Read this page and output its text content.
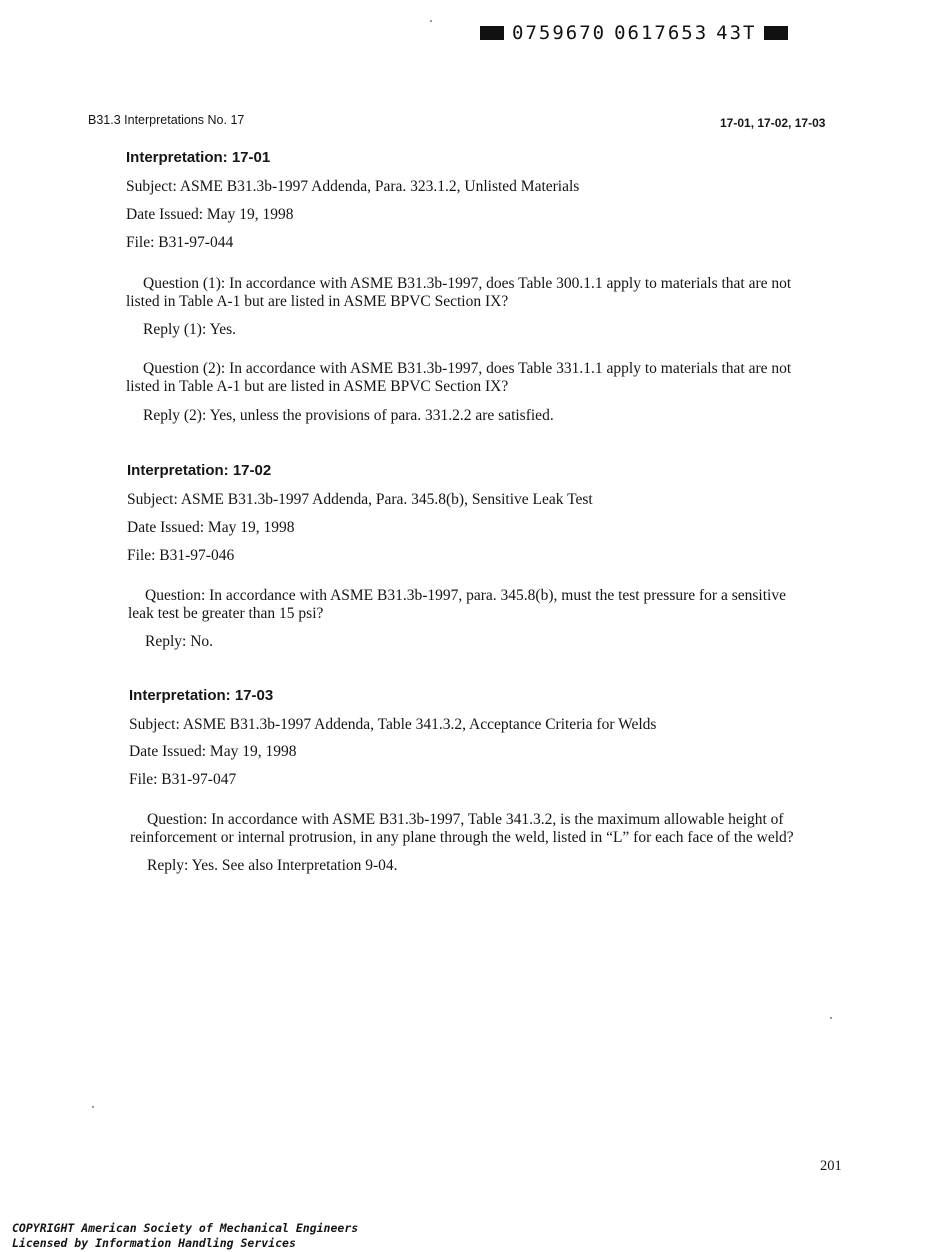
0759670 0617653 43T
B31.3 Interpretations No. 17	17-01, 17-02, 17-03
Interpretation: 17-01
Subject: ASME B31.3b-1997 Addenda, Para. 323.1.2, Unlisted Materials
Date Issued: May 19, 1998
File: B31-97-044

Question (1): In accordance with ASME B31.3b-1997, does Table 300.1.1 apply to materials that are not listed in Table A-1 but are listed in ASME BPVC Section IX?

Reply (1): Yes.

Question (2): In accordance with ASME B31.3b-1997, does Table 331.1.1 apply to materials that are not listed in Table A-1 but are listed in ASME BPVC Section IX?

Reply (2): Yes, unless the provisions of para. 331.2.2 are satisfied.
Interpretation: 17-02
Subject: ASME B31.3b-1997 Addenda, Para. 345.8(b), Sensitive Leak Test
Date Issued: May 19, 1998
File: B31-97-046

Question: In accordance with ASME B31.3b-1997, para. 345.8(b), must the test pressure for a sensitive leak test be greater than 15 psi?

Reply: No.
Interpretation: 17-03
Subject: ASME B31.3b-1997 Addenda, Table 341.3.2, Acceptance Criteria for Welds
Date Issued: May 19, 1998
File: B31-97-047

Question: In accordance with ASME B31.3b-1997, Table 341.3.2, is the maximum allowable height of reinforcement or internal protrusion, in any plane through the weld, listed in “L” for each face of the weld?

Reply: Yes. See also Interpretation 9-04.
201
COPYRIGHT American Society of Mechanical Engineers
Licensed by Information Handling Services
